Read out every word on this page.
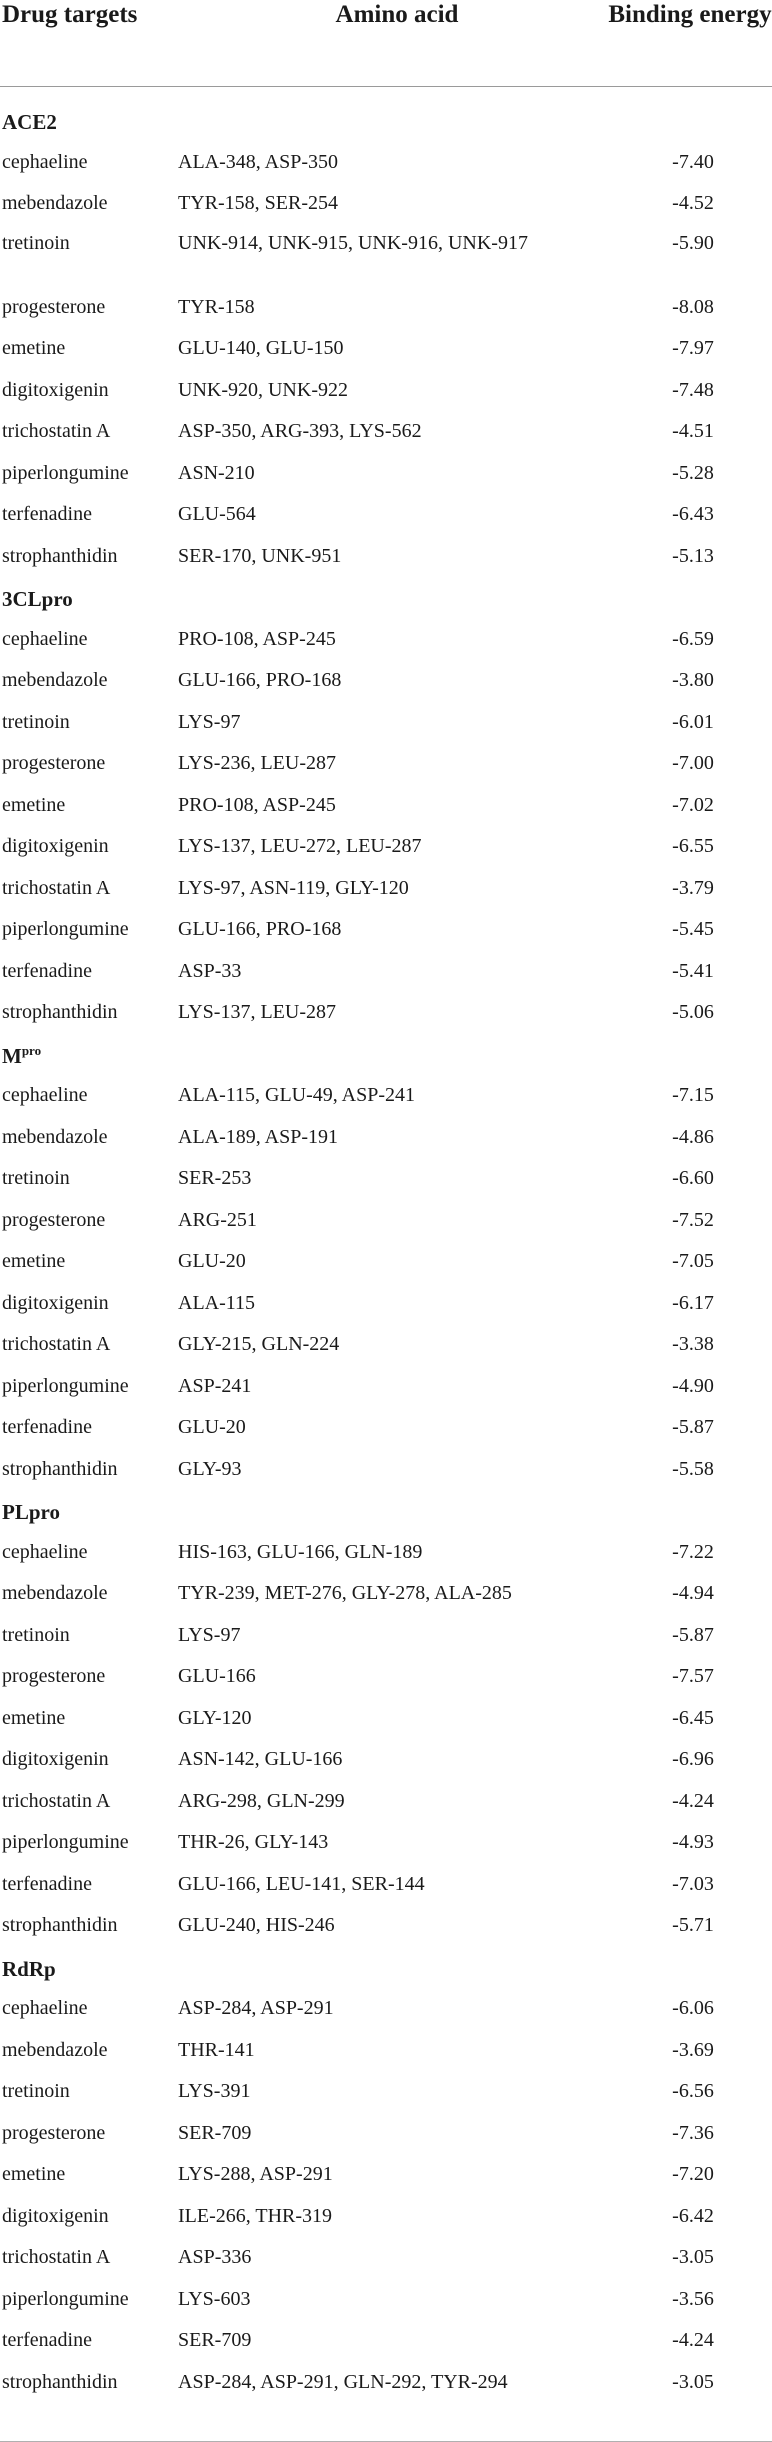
Drug targets	Amino acid	Binding energy
ACE2		
cephaeline	ALA-348, ASP-350	-7.40
mebendazole	TYR-158, SER-254	-4.52
tretinoin	UNK-914, UNK-915, UNK-916, UNK-917	-5.90
progesterone	TYR-158	-8.08
emetine	GLU-140, GLU-150	-7.97
digitoxigenin	UNK-920, UNK-922	-7.48
trichostatin A	ASP-350, ARG-393, LYS-562	-4.51
piperlongumine	ASN-210	-5.28
terfenadine	GLU-564	-6.43
strophanthidin	SER-170, UNK-951	-5.13
3CLpro		
cephaeline	PRO-108, ASP-245	-6.59
mebendazole	GLU-166, PRO-168	-3.80
tretinoin	LYS-97	-6.01
progesterone	LYS-236, LEU-287	-7.00
emetine	PRO-108, ASP-245	-7.02
digitoxigenin	LYS-137, LEU-272, LEU-287	-6.55
trichostatin A	LYS-97, ASN-119, GLY-120	-3.79
piperlongumine	GLU-166, PRO-168	-5.45
terfenadine	ASP-33	-5.41
strophanthidin	LYS-137, LEU-287	-5.06
$M^{pro}$
cephaeline	ALA-115, GLU-49, ASP-241	-7.15
mebendazole	ALA-189, ASP-191	-4.86
tretinoin	SER-253	-6.60
progesterone	ARG-251	-7.52
emetine	GLU-20	-7.05
digitoxigenin	ALA-115	-6.17
trichostatin A	GLY-215, GLN-224	-3.38
piperlongumine	ASP-241	-4.90
terfenadine	GLU-20	-5.87
strophanthidin	GLY-93	-5.58
PLpro		
cephaeline	HIS-163, GLU-166, GLN-189	-7.22
mebendazole	TYR-239, MET-276, GLY-278, ALA-285	-4.94
tretinoin	LYS-97	-5.87
progesterone	GLU-166	-7.57
emetine	GLY-120	-6.45
digitoxigenin	ASN-142, GLU-166	-6.96
trichostatin A	ARG-298, GLN-299	-4.24
piperlongumine	THR-26, GLY-143	-4.93
terfenadine	GLU-166, LEU-141, SER-144	-7.03
strophanthidin	GLU-240, HIS-246	-5.71
RdRp		
cephaeline	ASP-284, ASP-291	-6.06
mebendazole	THR-141	-3.69
tretinoin	LYS-391	-6.56
progesterone	SER-709	-7.36
emetine	LYS-288, ASP-291	-7.20
digitoxigenin	ILE-266, THR-319	-6.42
trichostatin A	ASP-336	-3.05
piperlongumine	LYS-603	-3.56
terfenadine	SER-709	-4.24
strophanthidin	ASP-284, ASP-291, GLN-292, TYR-294	-3.05
